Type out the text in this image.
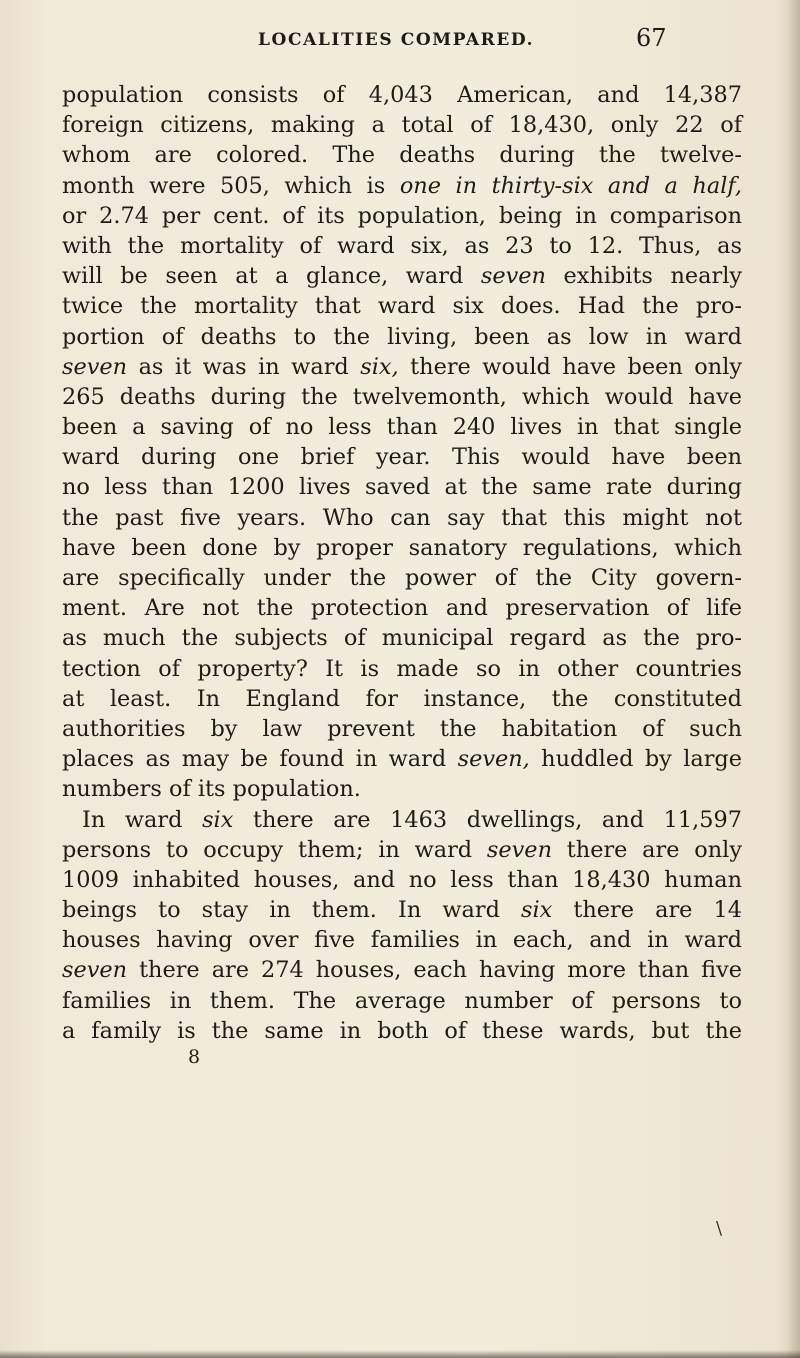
LOCALITIES COMPARED.	67
population consists of 4,043 American, and 14,387
foreign citizens, making a total of 18,430, only 22 of
whom are colored. The deaths during the twelve-
month were 505, which is one in thirty-six and a half,
or 2.74 per cent. of its population, being in comparison
with the mortality of ward six, as 23 to 12. Thus, as
will be seen at a glance, ward seven exhibits nearly
twice the mortality that ward six does. Had the pro-
portion of deaths to the living, been as low in ward
seven as it was in ward six, there would have been only
265 deaths during the twelvemonth, which would have
been a saving of no less than 240 lives in that single
ward during one brief year. This would have been
no less than 1200 lives saved at the same rate during
the past five years. Who can say that this might not
have been done by proper sanatory regulations, which
are specifically under the power of the City govern-
ment. Are not the protection and preservation of life
as much the subjects of municipal regard as the pro-
tection of property? It is made so in other countries
at least. In England for instance, the constituted
authorities by law prevent the habitation of such
places as may be found in ward seven, huddled by large
numbers of its population.
In ward six there are 1463 dwellings, and 11,597
persons to occupy them; in ward seven there are only
1009 inhabited houses, and no less than 18,430 human
beings to stay in them. In ward six there are 14
houses having over five families in each, and in ward
seven there are 274 houses, each having more than five
families in them. The average number of persons to
a family is the same in both of these wards, but the
8
\
